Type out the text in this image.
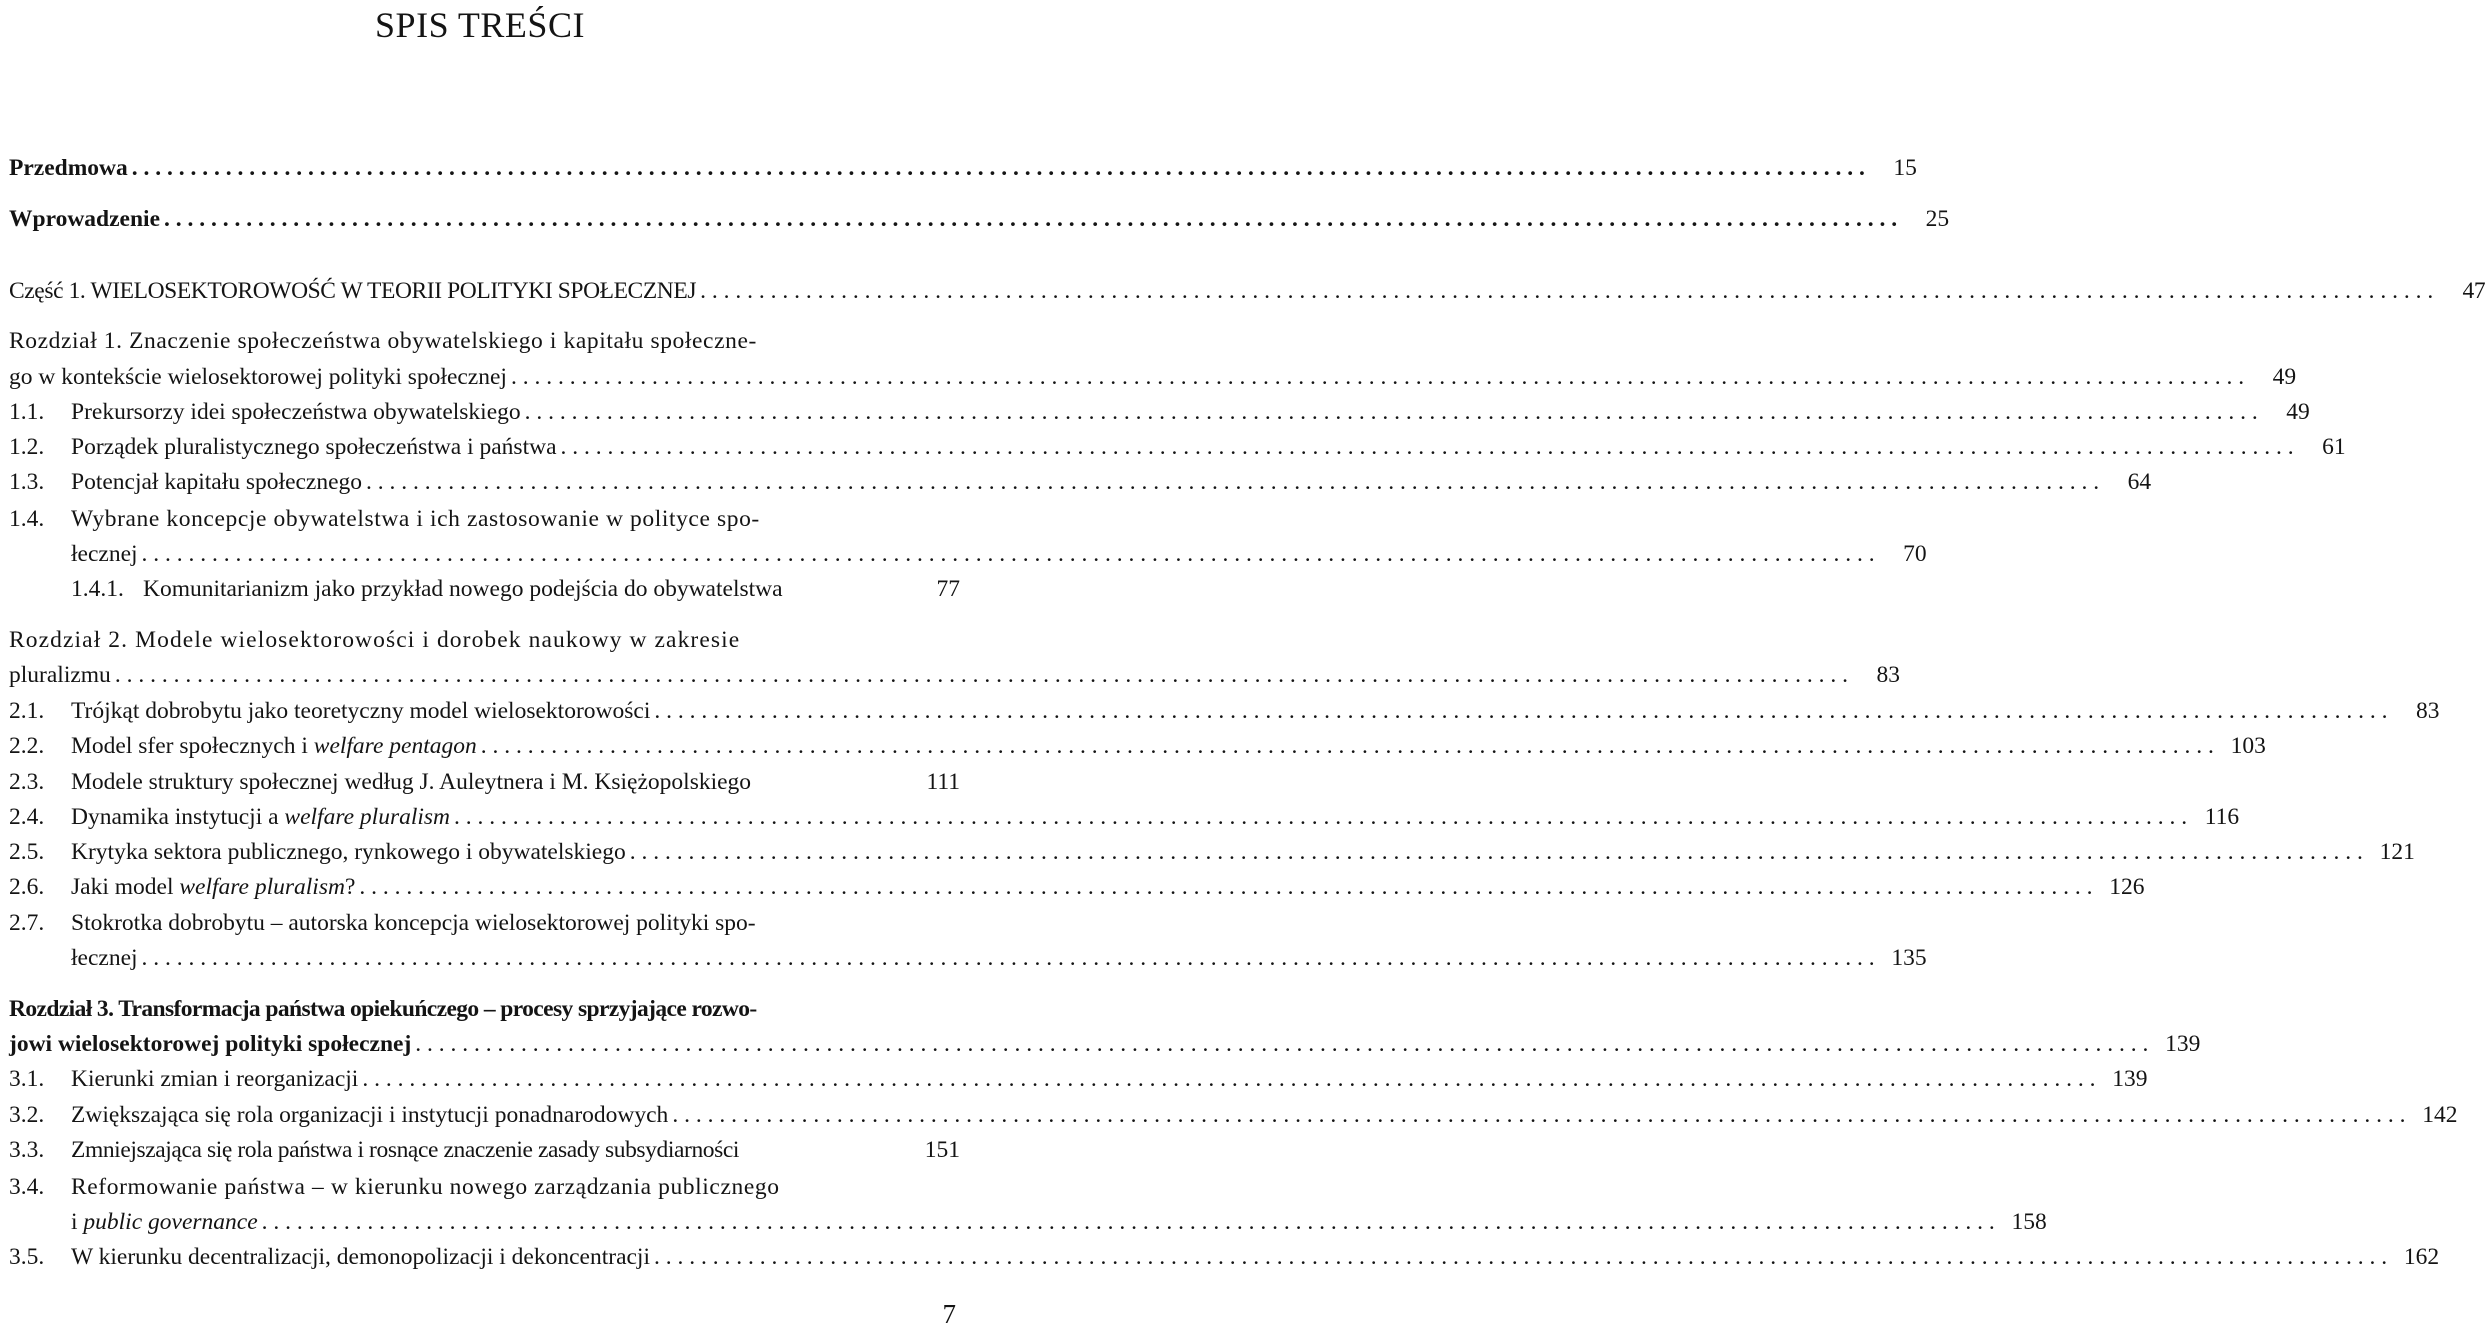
SPIS TREŚCI
Przedmowa . . .	15
Wprowadzenie . . .	25
Część 1. WIELOSEKTOROWOŚĆ W TEORII POLITYKI SPOŁECZNEJ . . .	47
Rozdział 1. Znaczenie społeczeństwa obywatelskiego i kapitału społeczne-
go w kontekście wielosektorowej polityki społecznej . . .	49
1.1.	Prekursorzy idei społeczeństwa obywatelskiego . . .	49
1.2.	Porządek pluralistycznego społeczeństwa i państwa . . .	61
1.3.	Potencjał kapitału społecznego . . .	64
1.4.	Wybrane koncepcje obywatelstwa i ich zastosowanie w polityce spo-
łecznej . . .	70
1.4.1. Komunitarianizm jako przykład nowego podejścia do obywatelstwa	77
Rozdział 2. Modele wielosektorowości i dorobek naukowy w zakresie
pluralizmu . . .	83
2.1.	Trójkąt dobrobytu jako teoretyczny model wielosektorowości . . .	83
2.2.	Model sfer społecznych i welfare pentagon . . .	103
2.3.	Modele struktury społecznej według J. Auleytnera i M. Księżopolskiego	111
2.4.	Dynamika instytucji a welfare pluralism . . .	116
2.5.	Krytyka sektora publicznego, rynkowego i obywatelskiego . . .	121
2.6.	Jaki model welfare pluralism? . . .	126
2.7.	Stokrotka dobrobytu – autorska koncepcja wielosektorowej polityki spo-
łecznej . . .	135
Rozdział 3. Transformacja państwa opiekuńczego – procesy sprzyjające rozwo-
jowi wielosektorowej polityki społecznej . . .	139
3.1.	Kierunki zmian i reorganizacji . . .	139
3.2.	Zwiększająca się rola organizacji i instytucji ponadnarodowych . . .	142
3.3.	Zmniejszająca się rola państwa i rosnące znaczenie zasady subsydiarności	151
3.4.	Reformowanie państwa – w kierunku nowego zarządzania publicznego
i public governance . . .	158
3.5.	W kierunku decentralizacji, demonopolizacji i dekoncentracji . . .	162
7
